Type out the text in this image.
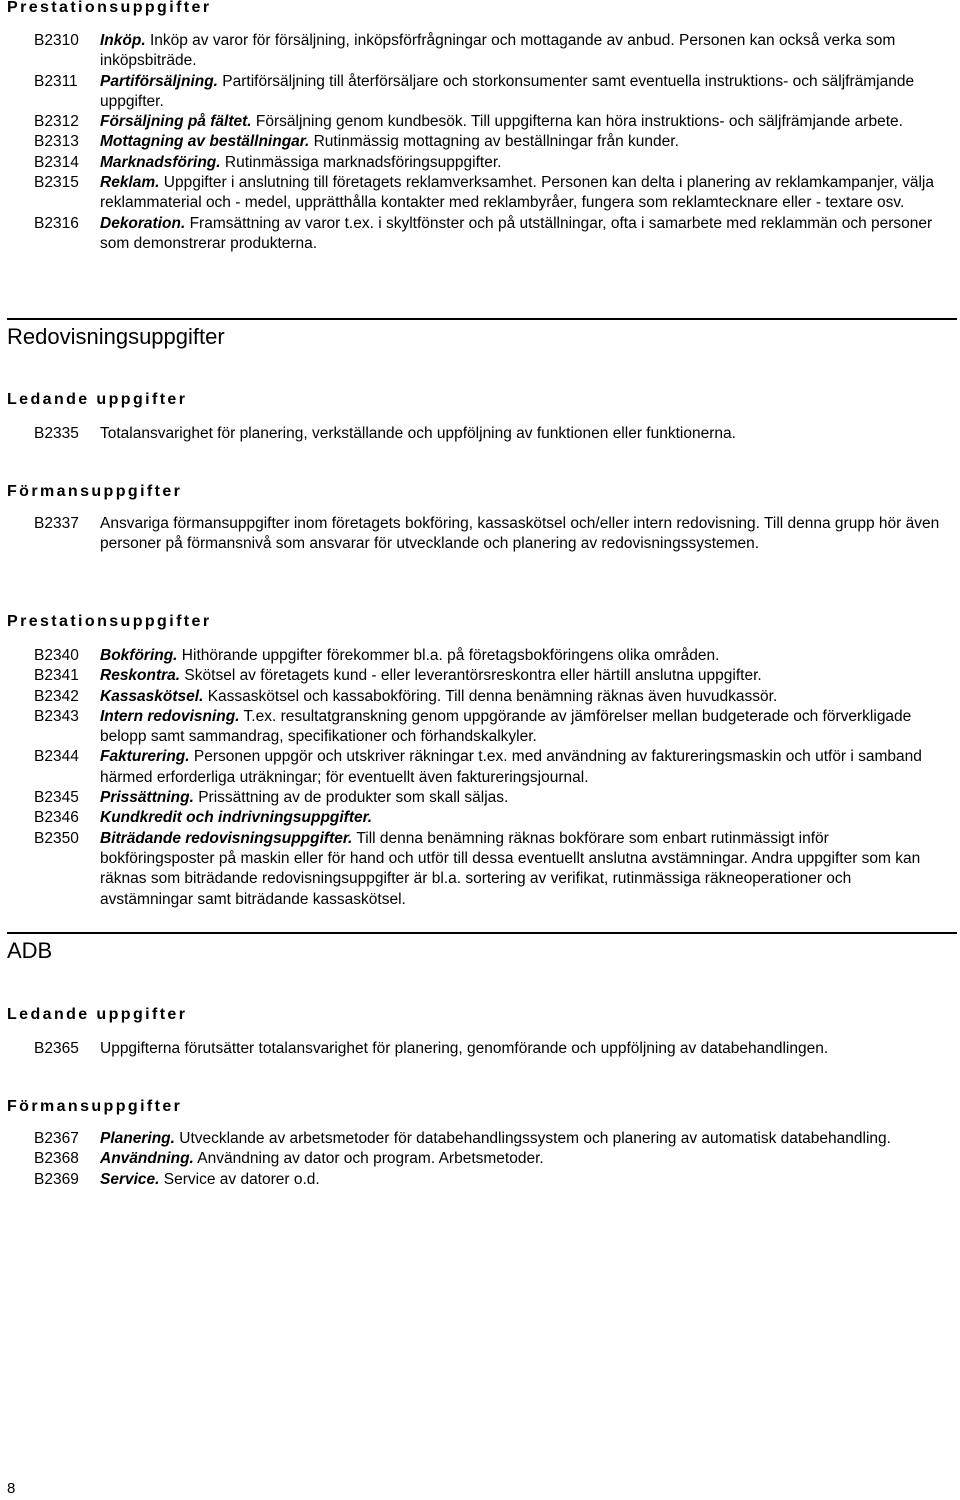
Prestationsuppgifter
B2310	Inköp. Inköp av varor för försäljning, inköpsförfrågningar och mottagande av anbud. Personen kan också verka som inköpsbiträde.
B2311	Partiförsäljning. Partiförsäljning till återförsäljare och storkonsumenter samt eventuella instruktions- och säljfrämjande uppgifter.
B2312	Försäljning på fältet. Försäljning genom kundbesök. Till uppgifterna kan höra instruktions- och säljfrämjande arbete.
B2313	Mottagning av beställningar. Rutinmässig mottagning av beställningar från kunder.
B2314	Marknadsföring. Rutinmässiga marknadsföringsuppgifter.
B2315	Reklam. Uppgifter i anslutning till företagets reklamverksamhet. Personen kan delta i planering av reklamkampanjer, välja reklammaterial och - medel, upprätthålla kontakter med reklambyråer, fungera som reklamtecknare eller - textare osv.
B2316	Dekoration. Framsättning av varor t.ex. i skyltfönster och på utställningar, ofta i samarbete med reklammän och personer som demonstrerar produkterna.
Redovisningsuppgifter
Ledande uppgifter
B2335	Totalansvarighet för planering, verkställande och uppföljning av funktionen eller funktionerna.
Förmansuppgifter
B2337	Ansvariga förmansuppgifter inom företagets bokföring, kassaskötsel och/eller intern redovisning. Till denna grupp hör även personer på förmansnivå som ansvarar för utvecklande och planering av redovisningssystemen.
Prestationsuppgifter
B2340	Bokföring. Hithörande uppgifter förekommer bl.a. på företagsbokföringens olika områden.
B2341	Reskontra. Skötsel av företagets kund - eller leverantörsreskontra eller härtill anslutna uppgifter.
B2342	Kassaskötsel. Kassaskötsel och kassabokföring. Till denna benämning räknas även huvudkassör.
B2343	Intern redovisning. T.ex. resultatgranskning genom uppgörande av jämförelser mellan budgeterade och förverkligade belopp samt sammandrag, specifikationer och förhandskalkyler.
B2344	Fakturering. Personen uppgör och utskriver räkningar t.ex. med användning av faktureringsmaskin och utför i samband härmed erforderliga uträkningar; för eventuellt även faktureringsjournal.
B2345	Prissättning. Prissättning av de produkter som skall säljas.
B2346	Kundkredit och indrivningsuppgifter.
B2350	Biträdande redovisningsuppgifter. Till denna benämning räknas bokförare som enbart rutinmässigt inför bokföringsposter på maskin eller för hand och utför till dessa eventuellt anslutna avstämningar. Andra uppgifter som kan räknas som biträdande redovisningsuppgifter är bl.a. sortering av verifikat, rutinmässiga räkneoperationer och avstämningar samt biträdande kassaskötsel.
ADB
Ledande uppgifter
B2365	Uppgifterna förutsätter totalansvarighet för planering, genomförande och uppföljning av databehandlingen.
Förmansuppgifter
B2367	Planering. Utvecklande av arbetsmetoder för databehandlingssystem och planering av automatisk databehandling.
B2368	Användning. Användning av dator och program. Arbetsmetoder.
B2369	Service. Service av datorer o.d.
8
